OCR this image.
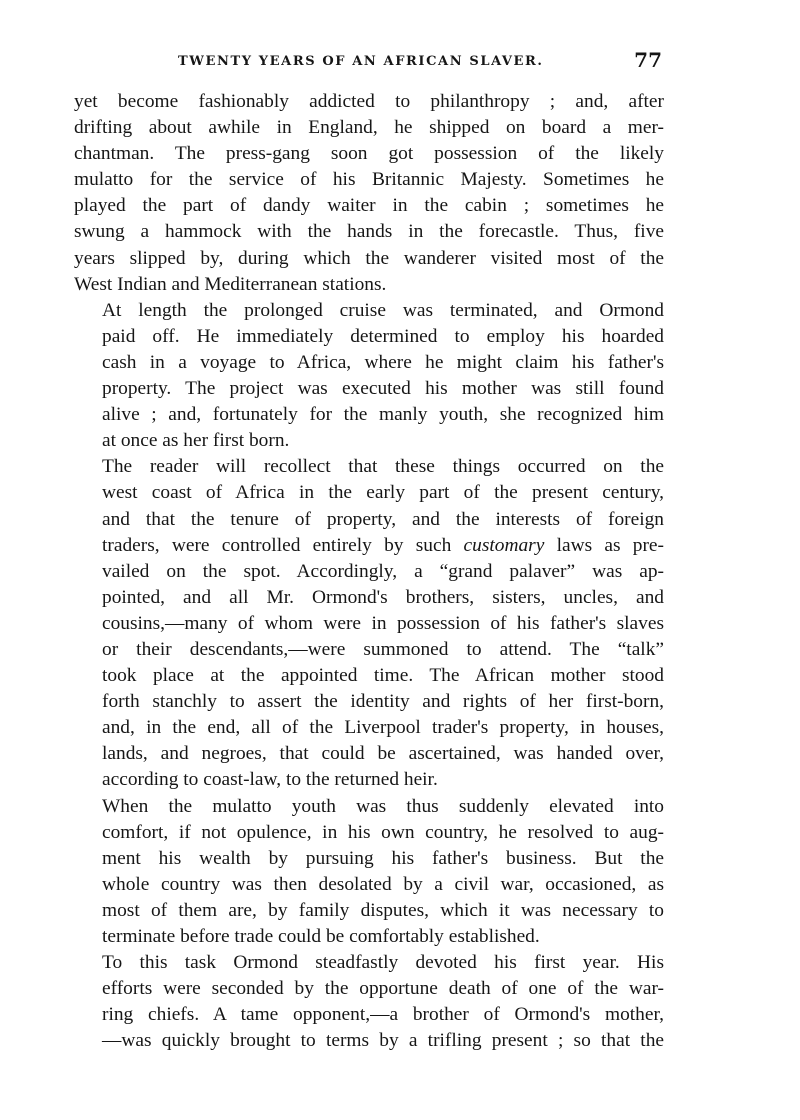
TWENTY YEARS OF AN AFRICAN SLAVER.	77

yet become fashionably addicted to philanthropy ; and, after
drifting about awhile in England, he shipped on board a mer-
chantman. The press-gang soon got possession of the likely
mulatto for the service of his Britannic Majesty. Sometimes he
played the part of dandy waiter in the cabin ; sometimes he
swung a hammock with the hands in the forecastle. Thus, five
years slipped by, during which the wanderer visited most of the
West Indian and Mediterranean stations.

At length the prolonged cruise was terminated, and Ormond
paid off. He immediately determined to employ his hoarded
cash in a voyage to Africa, where he might claim his father's
property. The project was executed his mother was still found
alive ; and, fortunately for the manly youth, she recognized him
at once as her first born.

The reader will recollect that these things occurred on the
west coast of Africa in the early part of the present century,
and that the tenure of property, and the interests of foreign
traders, were controlled entirely by such customary laws as pre-
vailed on the spot. Accordingly, a “grand palaver” was ap-
pointed, and all Mr. Ormond's brothers, sisters, uncles, and
cousins,—many of whom were in possession of his father's slaves
or their descendants,—were summoned to attend. The “talk”
took place at the appointed time. The African mother stood
forth stanchly to assert the identity and rights of her first-born,
and, in the end, all of the Liverpool trader's property, in houses,
lands, and negroes, that could be ascertained, was handed over,
according to coast-law, to the returned heir.

When the mulatto youth was thus suddenly elevated into
comfort, if not opulence, in his own country, he resolved to aug-
ment his wealth by pursuing his father's business. But the
whole country was then desolated by a civil war, occasioned, as
most of them are, by family disputes, which it was necessary to
terminate before trade could be comfortably established.

To this task Ormond steadfastly devoted his first year. His
efforts were seconded by the opportune death of one of the war-
ring chiefs. A tame opponent,—a brother of Ormond's mother,
—was quickly brought to terms by a trifling present ; so that the
